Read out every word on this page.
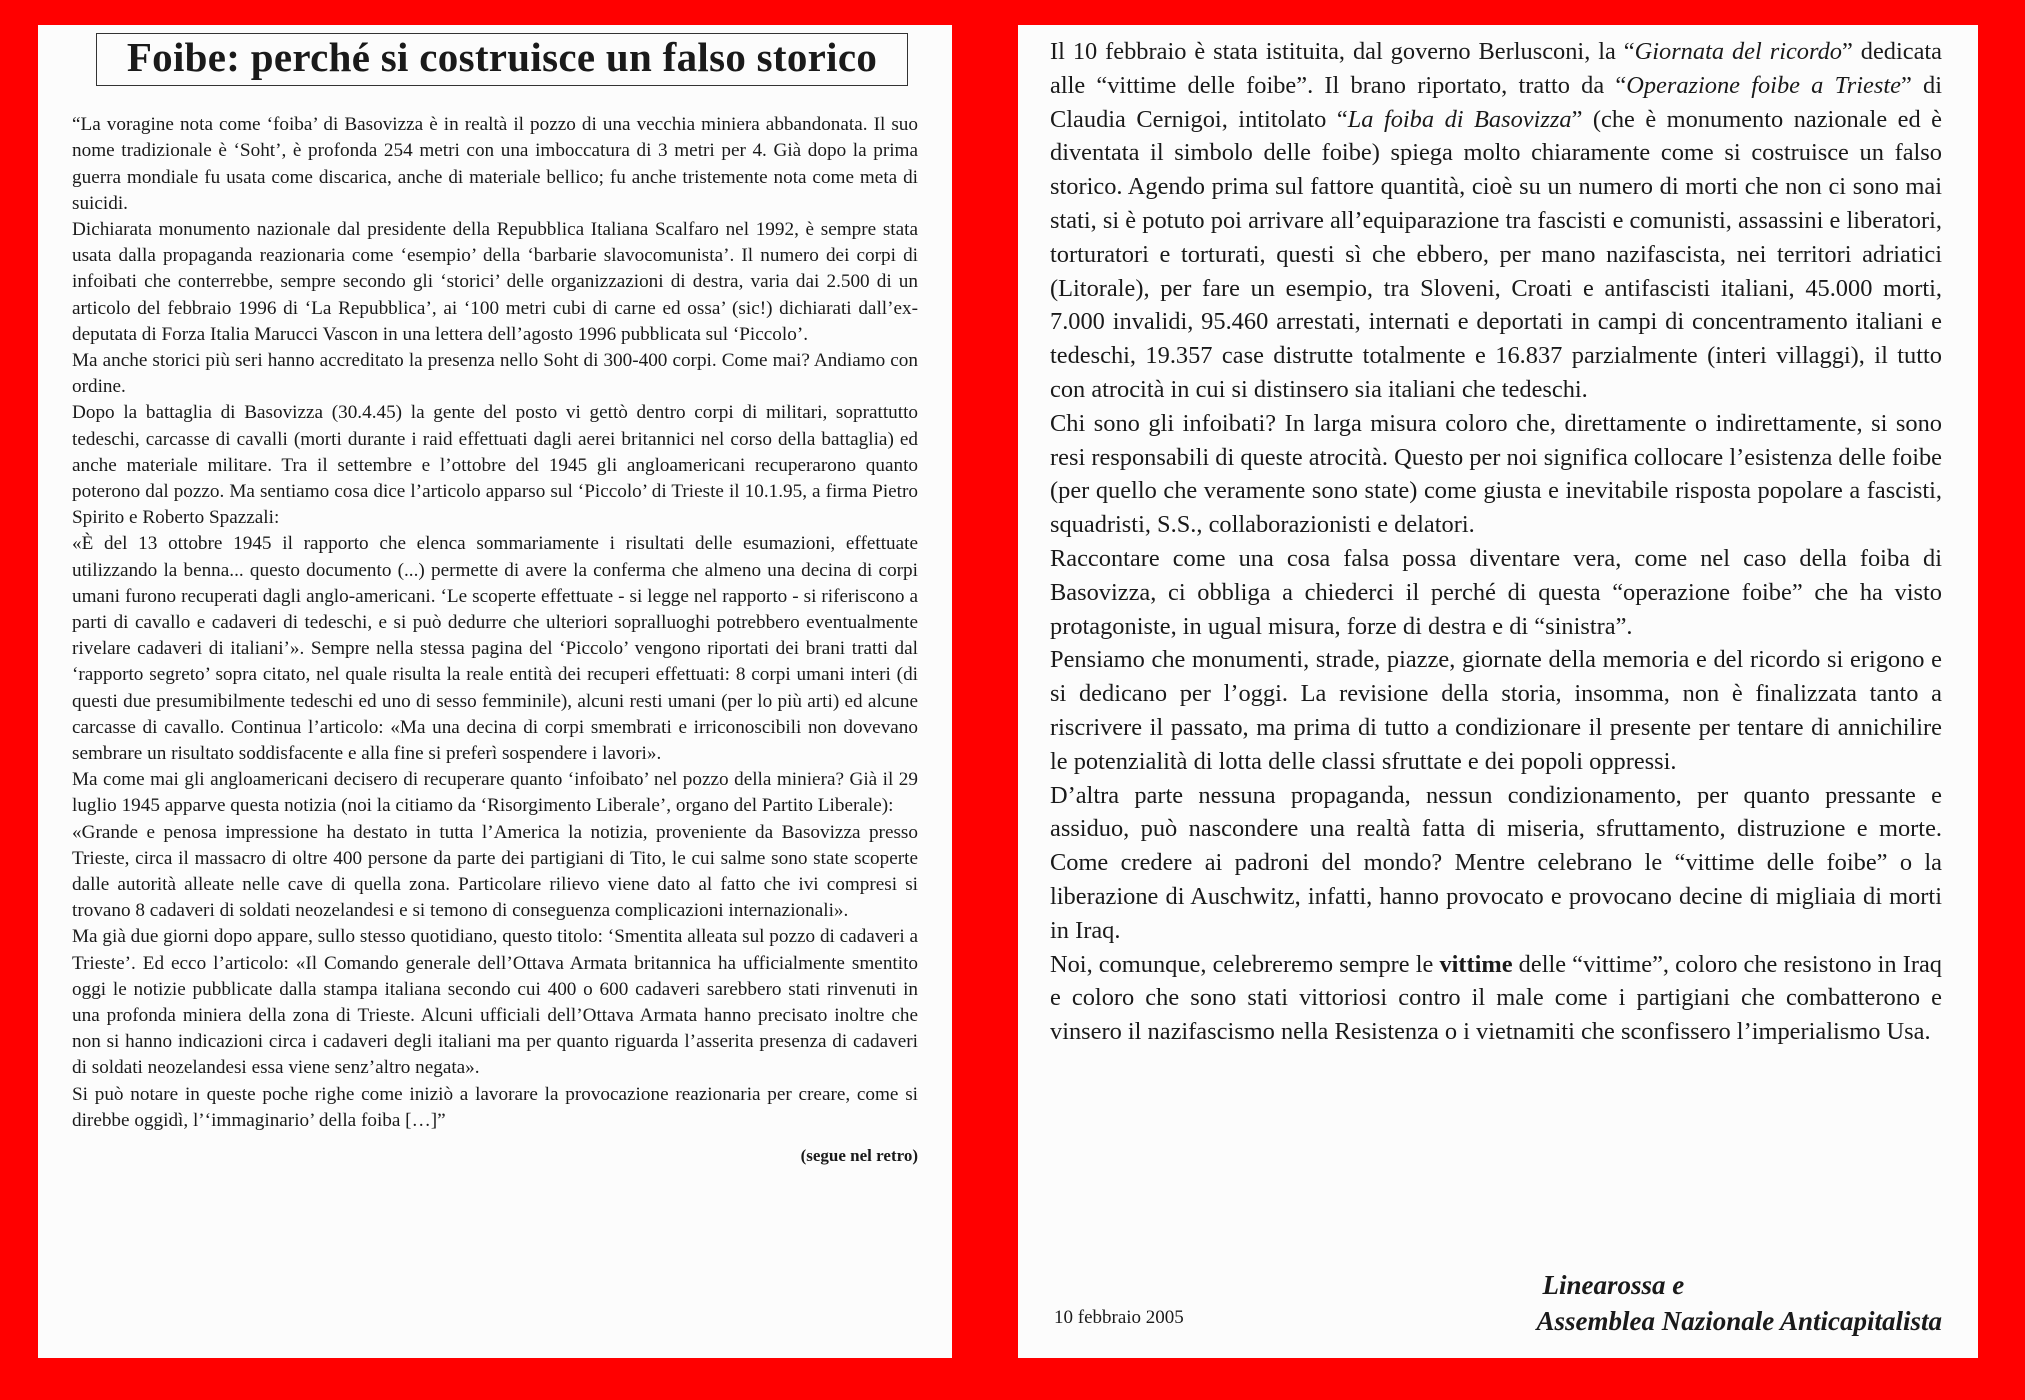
Foibe: perché si costruisce un falso storico

“La voragine nota come ‘foiba’ di Basovizza è in realtà il pozzo di una vecchia miniera abbandonata. Il suo nome tradizionale è ‘Soht’, è profonda 254 metri con una imboccatura di 3 metri per 4. Già dopo la prima guerra mondiale fu usata come discarica, anche di materiale bellico; fu anche tristemente nota come meta di suicidi.

Dichiarata monumento nazionale dal presidente della Repubblica Italiana Scalfaro nel 1992, è sempre stata usata dalla propaganda reazionaria come ‘esempio’ della ‘barbarie slavocomunista’. Il numero dei corpi di infoibati che conterrebbe, sempre secondo gli ‘storici’ delle organizzazioni di destra, varia dai 2.500 di un articolo del febbraio 1996 di ‘La Repubblica’, ai ‘100 metri cubi di carne ed ossa’ (sic!) dichiarati dall’ex-deputata di Forza Italia Marucci Vascon in una lettera dell’agosto 1996 pubblicata sul ‘Piccolo’.

Ma anche storici più seri hanno accreditato la presenza nello Soht di 300-400 corpi. Come mai? Andiamo con ordine.

Dopo la battaglia di Basovizza (30.4.45) la gente del posto vi gettò dentro corpi di militari, soprattutto tedeschi, carcasse di cavalli (morti durante i raid effettuati dagli aerei britannici nel corso della battaglia) ed anche materiale militare. Tra il settembre e l’ottobre del 1945 gli angloamericani recuperarono quanto poterono dal pozzo. Ma sentiamo cosa dice l’articolo apparso sul ‘Piccolo’ di Trieste il 10.1.95, a firma Pietro Spirito e Roberto Spazzali:

«È del 13 ottobre 1945 il rapporto che elenca sommariamente i risultati delle esumazioni, effettuate utilizzando la benna... questo documento (...) permette di avere la conferma che almeno una decina di corpi umani furono recuperati dagli anglo-americani. ‘Le scoperte effettuate - si legge nel rapporto - si riferiscono a parti di cavallo e cadaveri di tedeschi, e si può dedurre che ulteriori sopralluoghi potrebbero eventualmente rivelare cadaveri di italiani’». Sempre nella stessa pagina del ‘Piccolo’ vengono riportati dei brani tratti dal ‘rapporto segreto’ sopra citato, nel quale risulta la reale entità dei recuperi effettuati: 8 corpi umani interi (di questi due presumibilmente tedeschi ed uno di sesso femminile), alcuni resti umani (per lo più arti) ed alcune carcasse di cavallo. Continua l’articolo: «Ma una decina di corpi smembrati e irriconoscibili non dovevano sembrare un risultato soddisfacente e alla fine si preferì sospendere i lavori».

Ma come mai gli angloamericani decisero di recuperare quanto ‘infoibato’ nel pozzo della miniera? Già il 29 luglio 1945 apparve questa notizia (noi la citiamo da ‘Risorgimento Liberale’, organo del Partito Liberale):

«Grande e penosa impressione ha destato in tutta l’America la notizia, proveniente da Basovizza presso Trieste, circa il massacro di oltre 400 persone da parte dei partigiani di Tito, le cui salme sono state scoperte dalle autorità alleate nelle cave di quella zona. Particolare rilievo viene dato al fatto che ivi compresi si trovano 8 cadaveri di soldati neozelandesi e si temono di conseguenza complicazioni internazionali».

Ma già due giorni dopo appare, sullo stesso quotidiano, questo titolo: ‘Smentita alleata sul pozzo di cadaveri a Trieste’. Ed ecco l’articolo: «Il Comando generale dell’Ottava Armata britannica ha ufficialmente smentito oggi le notizie pubblicate dalla stampa italiana secondo cui 400 o 600 cadaveri sarebbero stati rinvenuti in una profonda miniera della zona di Trieste. Alcuni ufficiali dell’Ottava Armata hanno precisato inoltre che non si hanno indicazioni circa i cadaveri degli italiani ma per quanto riguarda l’asserita presenza di cadaveri di soldati neozelandesi essa viene senz’altro negata».

Si può notare in queste poche righe come iniziò a lavorare la provocazione reazionaria per creare, come si direbbe oggidì, l’‘immaginario’ della foiba […]”

(segue nel retro)

Il 10 febbraio è stata istituita, dal governo Berlusconi, la “Giornata del ricordo” dedicata alle “vittime delle foibe”. Il brano riportato, tratto da “Operazione foibe a Trieste” di Claudia Cernigoi, intitolato “La foiba di Basovizza” (che è monumento nazionale ed è diventata il simbolo delle foibe) spiega molto chiaramente come si costruisce un falso storico. Agendo prima sul fattore quantità, cioè su un numero di morti che non ci sono mai stati, si è potuto poi arrivare all’equiparazione tra fascisti e comunisti, assassini e liberatori, torturatori e torturati, questi sì che ebbero, per mano nazifascista, nei territori adriatici (Litorale), per fare un esempio, tra Sloveni, Croati e antifascisti italiani, 45.000 morti, 7.000 invalidi, 95.460 arrestati, internati e deportati in campi di concentramento italiani e tedeschi, 19.357 case distrutte totalmente e 16.837 parzialmente (interi villaggi), il tutto con atrocità in cui si distinsero sia italiani che tedeschi.

Chi sono gli infoibati? In larga misura coloro che, direttamente o indirettamente, si sono resi responsabili di queste atrocità. Questo per noi significa collocare l’esistenza delle foibe (per quello che veramente sono state) come giusta e inevitabile risposta popolare a fascisti, squadristi, S.S., collaborazionisti e delatori.

Raccontare come una cosa falsa possa diventare vera, come nel caso della foiba di Basovizza, ci obbliga a chiederci il perché di questa “operazione foibe” che ha visto protagoniste, in ugual misura, forze di destra e di “sinistra”.

Pensiamo che monumenti, strade, piazze, giornate della memoria e del ricordo si erigono e si dedicano per l’oggi. La revisione della storia, insomma, non è finalizzata tanto a riscrivere il passato, ma prima di tutto a condizionare il presente per tentare di annichilire le potenzialità di lotta delle classi sfruttate e dei popoli oppressi.

D’altra parte nessuna propaganda, nessun condizionamento, per quanto pressante e assiduo, può nascondere una realtà fatta di miseria, sfruttamento, distruzione e morte. Come credere ai padroni del mondo? Mentre celebrano le “vittime delle foibe” o la liberazione di Auschwitz, infatti, hanno provocato e provocano decine di migliaia di morti in Iraq.

Noi, comunque, celebreremo sempre le vittime delle “vittime”, coloro che resistono in Iraq e coloro che sono stati vittoriosi contro il male come i partigiani che combatterono e vinsero il nazifascismo nella Resistenza o i vietnamiti che sconfissero l’imperialismo Usa.

10 febbraio 2005
Linearossa e
Assemblea Nazionale Anticapitalista
